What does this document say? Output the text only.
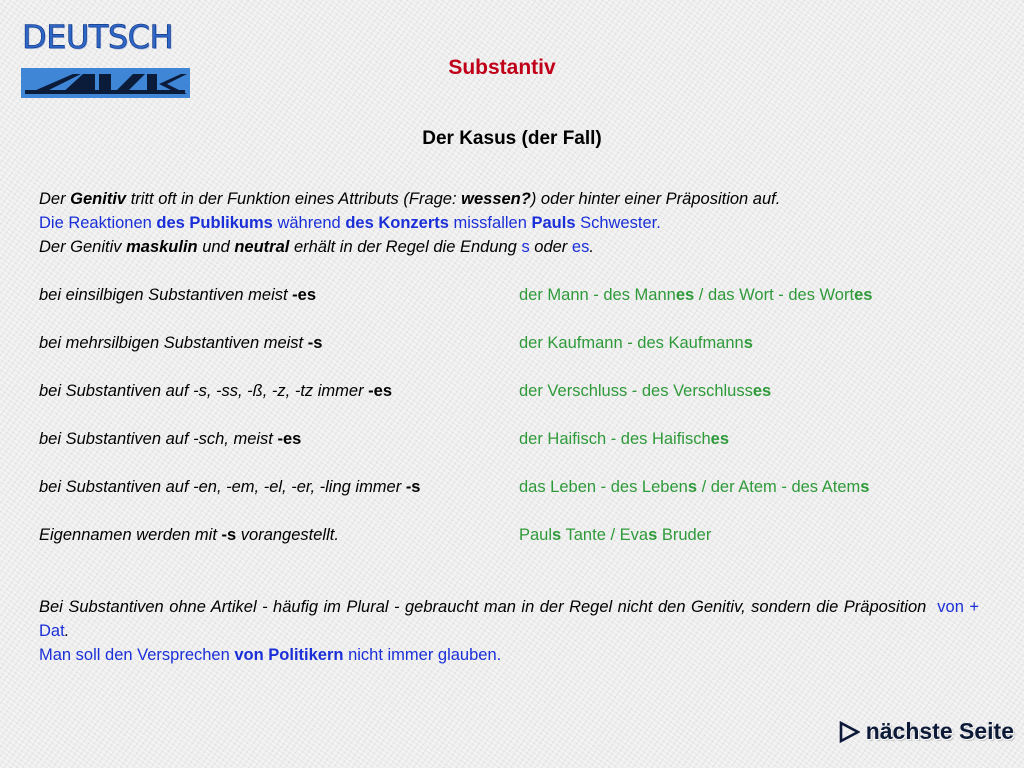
DEUTSCH
Substantiv
Der Kasus (der Fall)
Der Genitiv tritt oft in der Funktion eines Attributs (Frage: wessen?) oder hinter einer Präposition auf.
Die Reaktionen des Publikums während des Konzerts missfallen Pauls Schwester.
Der Genitiv maskulin und neutral erhält in der Regel die Endung s oder es.
bei einsilbigen Substantiven meist -es	der Mann - des Mannes / das Wort - des Wortes
bei mehrsilbigen Substantiven meist -s	der Kaufmann - des Kaufmanns
bei Substantiven auf -s, -ss, -ß, -z, -tz immer -es	der Verschluss - des Verschlusses
bei Substantiven auf -sch, meist -es	der Haifisch - des Haifisches
bei Substantiven auf -en, -em, -el, -er, -ling immer -s	das Leben - des Lebens / der Atem - des Atems
Eigennamen werden mit -s vorangestellt.	Pauls Tante / Evas Bruder
Bei Substantiven ohne Artikel - häufig im Plural - gebraucht man in der Regel nicht den Genitiv, sondern die Präposition von + Dat.
Man soll den Versprechen von Politikern nicht immer glauben.
nächste Seite
